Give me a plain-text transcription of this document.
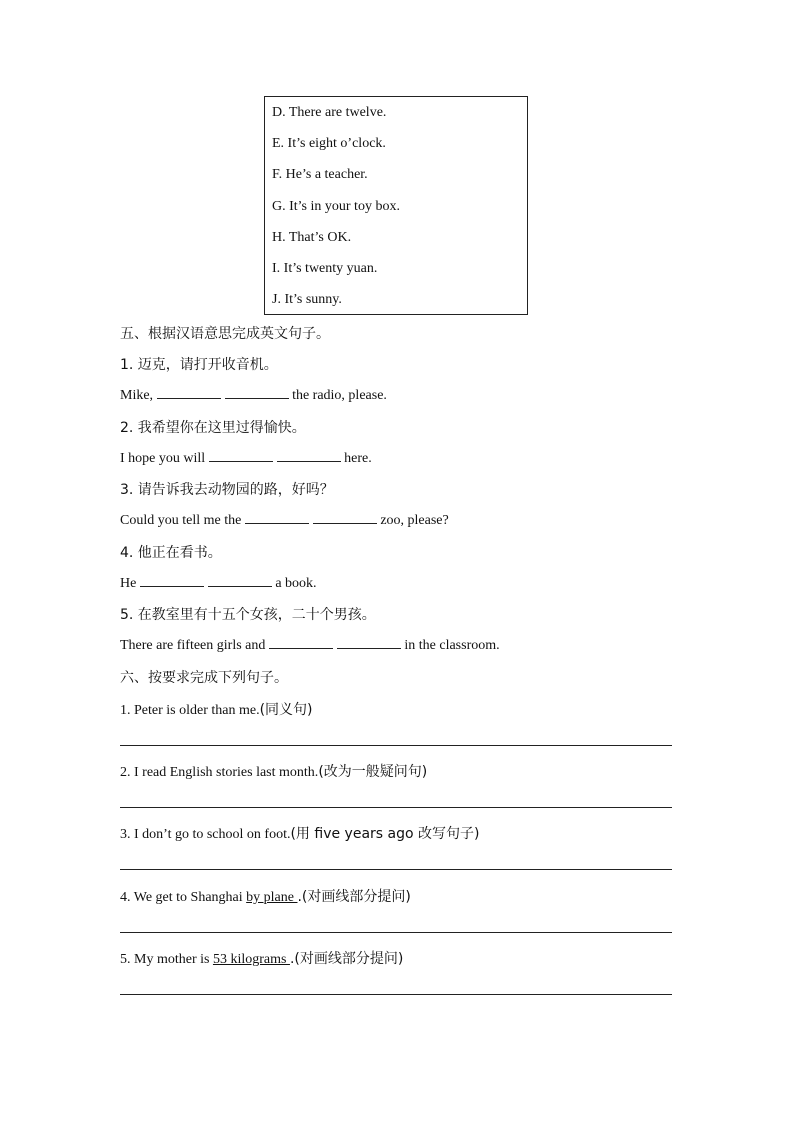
D. There are twelve.
E. It’s eight o’clock.
F. He’s a teacher.
G. It’s in your toy box.
H. That’s OK.
I. It’s twenty yuan.
J. It’s sunny.
五、根据汉语意思完成英文句子。
1. 迈克，请打开收音机。
Mike,	the radio, please.
2. 我希望你在这里过得愉快。
I hope you will	here.
3. 请告诉我去动物园的路，好吗？
Could you tell me the	zoo, please?
4. 他正在看书。
He	a book.
5. 在教室里有十五个女孩，二十个男孩。
There are fifteen girls and	in the classroom.
六、按要求完成下列句子。
1. Peter is older than me.(同义句)
2. I read English stories last month.(改为一般疑问句)
3. I don’t go to school on foot.(用 five years ago 改写句子)
4. We get to Shanghai by plane .(对画线部分提问)
5. My mother is 53 kilograms .(对画线部分提问)
